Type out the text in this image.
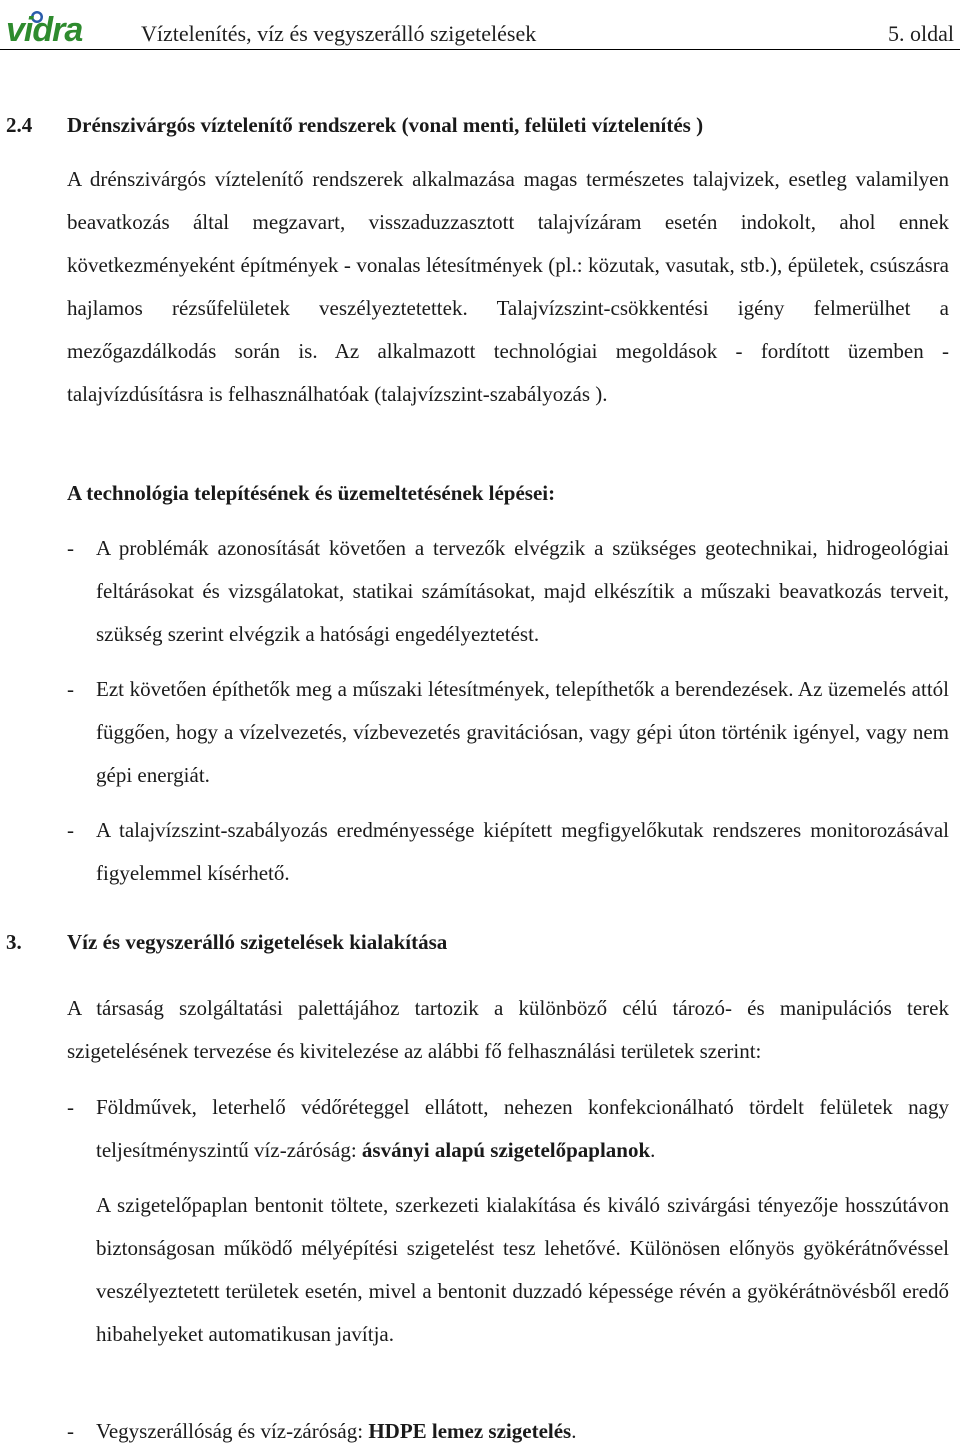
vidra	Víztelenítés, víz és vegyszerálló szigetelések	5. oldal
2.4 Drénszivárgós víztelenítő rendszerek (vonal menti, felületi víztelenítés )
A drénszivárgós víztelenítő rendszerek alkalmazása magas természetes talajvizek, esetleg valamilyen beavatkozás által megzavart, visszaduzzasztott talajvízáram esetén indokolt, ahol ennek következményeként építmények - vonalas létesítmények (pl.: közutak, vasutak, stb.), épületek, csúszásra hajlamos rézsűfelületek veszélyeztetettek. Talajvízszint-csökkentési igény felmerülhet a mezőgazdálkodás során is. Az alkalmazott technológiai megoldások - fordított üzemben - talajvízdúsításra is felhasználhatóak (talajvízszint-szabályozás ).
A technológia telepítésének és üzemeltetésének lépései:
- A problémák azonosítását követően a tervezők elvégzik a szükséges geotechnikai, hidrogeológiai feltárásokat és vizsgálatokat, statikai számításokat, majd elkészítik a műszaki beavatkozás terveit, szükség szerint elvégzik a hatósági engedélyeztetést.
- Ezt követően építhetők meg a műszaki létesítmények, telepíthetők a berendezések. Az üzemelés attól függően, hogy a vízelvezetés, vízbevezetés gravitációsan, vagy gépi úton történik igényel, vagy nem gépi energiát.
- A talajvízszint-szabályozás eredményessége kiépített megfigyelőkutak rendszeres monitorozásával figyelemmel kísérhető.
3. Víz és vegyszerálló szigetelések kialakítása
A társaság szolgáltatási palettájához tartozik a különböző célú tározó- és manipulációs terek szigetelésének tervezése és kivitelezése az alábbi fő felhasználási területek szerint:
- Földművek, leterhelő védőréteggel ellátott, nehezen konfekcionálható tördelt felületek nagy teljesítményszintű víz-záróság: ásványi alapú szigetelőpaplanok.
A szigetelőpaplan bentonit töltete, szerkezeti kialakítása és kiváló szivárgási tényezője hosszútávon biztonságosan működő mélyépítési szigetelést tesz lehetővé. Különösen előnyös gyökérátnővéssel veszélyeztetett területek esetén, mivel a bentonit duzzadó képessége révén a gyökérátnövésből eredő hibahelyeket automatikusan javítja.
- Vegyszerállóság és víz-záróság: HDPE lemez szigetelés.
